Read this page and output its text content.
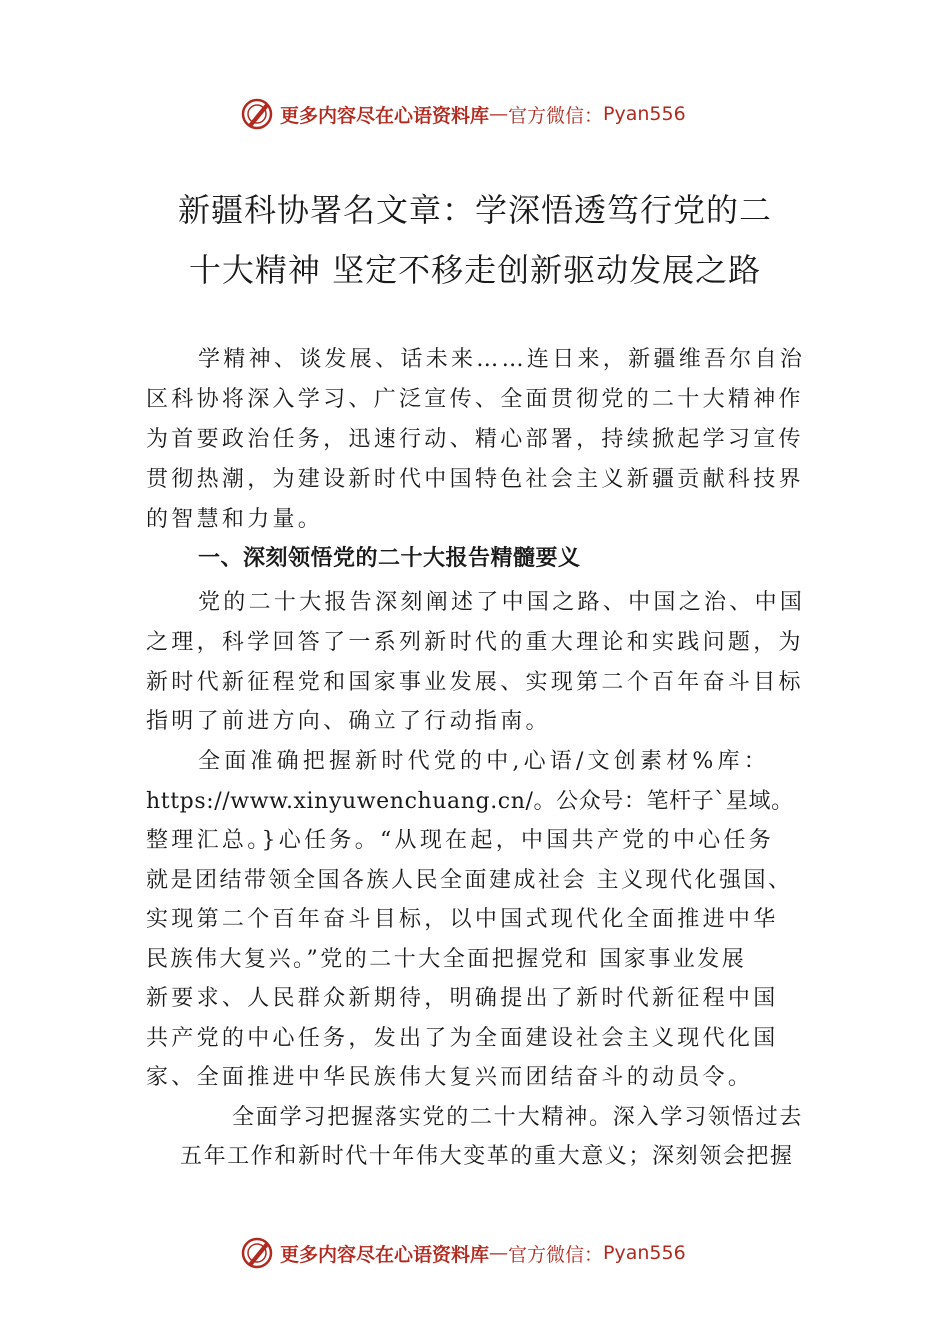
更多内容尽在心语资料库 — 官方微信： Pyan556
新疆科协署名文章：学深悟透笃行党的二
十大精神 坚定不移走创新驱动发展之路
学精神、谈发展、话未来……连日来，新疆维吾尔自治
区科协将深入学习、广泛宣传、全面贯彻党的二十大精神作
为首要政治任务，迅速行动、精心部署，持续掀起学习宣传
贯彻热潮，为建设新时代中国特色社会主义新疆贡献科技界
的智慧和力量。
一、深刻领悟党的二十大报告精髓要义
党的二十大报告深刻阐述了中国之路、中国之治、中国
之理，科学回答了一系列新时代的重大理论和实践问题，为
新时代新征程党和国家事业发展、实现第二个百年奋斗目标
指明了前进方向、确立了行动指南。
全面准确把握新时代党的中,心语/文创素材%库：
https://www.xinyuwenchuang.cn/。公众号：笔杆子`星域。
整理汇总。}心任务。“从现在起，中国共产党的中心任务
就是团结带领全国各族人民全面建成社会 主义现代化强国、
实现第二个百年奋斗目标，以中国式现代化全面推进中华
民族伟大复兴。”党的二十大全面把握党和 国家事业发展
新要求、人民群众新期待，明确提出了新时代新征程中国
共产党的中心任务，发出了为全面建设社会主义现代化国
家、全面推进中华民族伟大复兴而团结奋斗的动员令。
全面学习把握落实党的二十大精神。深入学习领悟过去
五年工作和新时代十年伟大变革的重大意义；深刻领会把握
更多内容尽在心语资料库 — 官方微信： Pyan556
